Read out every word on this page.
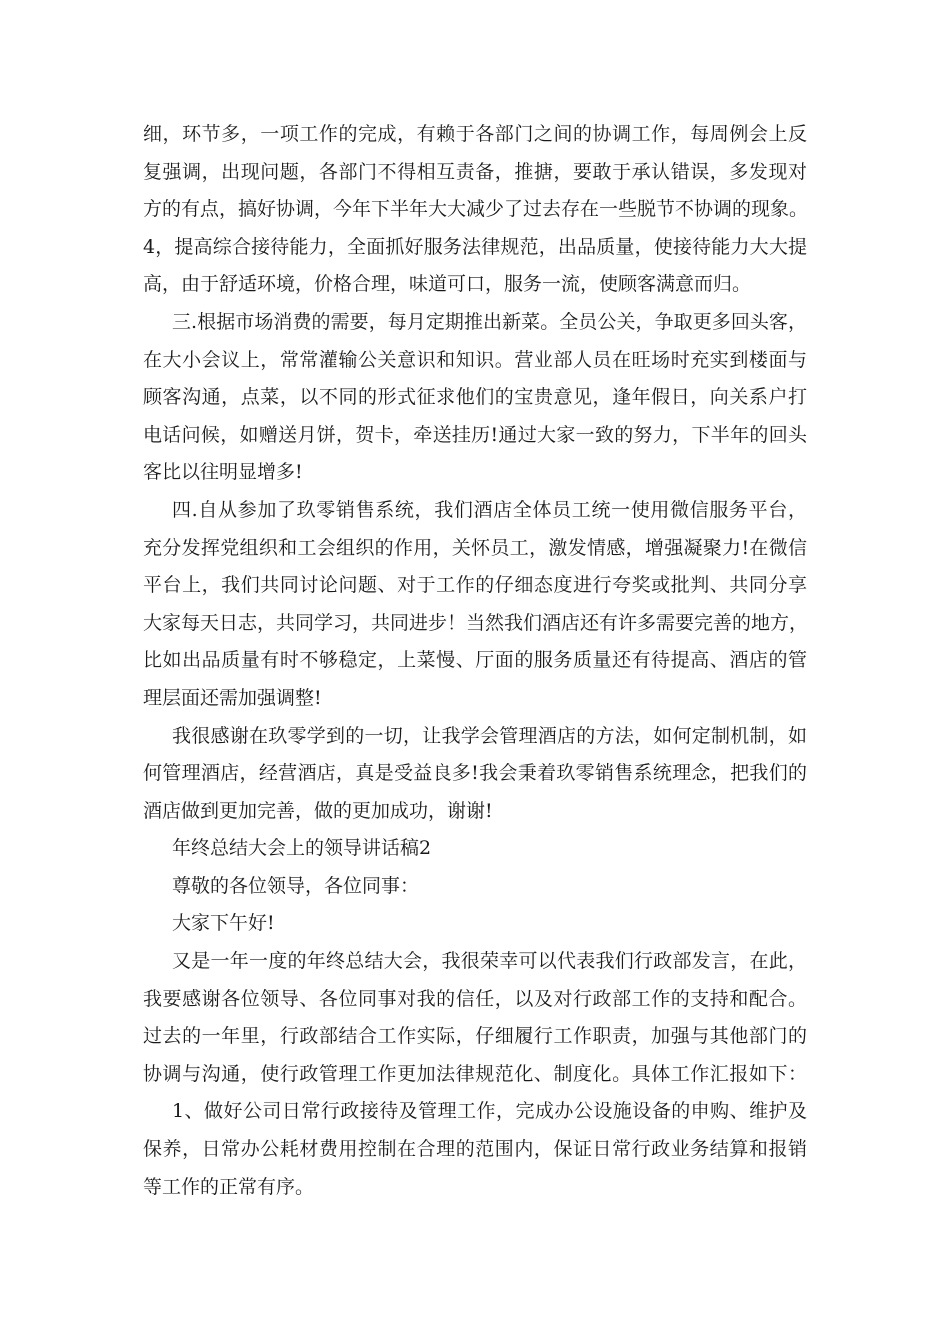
细，环节多，一项工作的完成，有赖于各部门之间的协调工作，每周例会上反
复强调，出现问题，各部门不得相互责备，推搪，要敢于承认错误，多发现对
方的有点，搞好协调，今年下半年大大减少了过去存在一些脱节不协调的现象。
4，提高综合接待能力，全面抓好服务法律规范，出品质量，使接待能力大大提
高，由于舒适环境，价格合理，味道可口，服务一流，使顾客满意而归。
三.根据市场消费的需要，每月定期推出新菜。全员公关，争取更多回头客，
在大小会议上，常常灌输公关意识和知识。营业部人员在旺场时充实到楼面与
顾客沟通，点菜，以不同的形式征求他们的宝贵意见，逢年假日，向关系户打
电话问候，如赠送月饼，贺卡，牵送挂历!通过大家一致的努力，下半年的回头
客比以往明显增多!
四.自从参加了玖零销售系统，我们酒店全体员工统一使用微信服务平台，
充分发挥党组织和工会组织的作用，关怀员工，激发情感，增强凝聚力!在微信
平台上，我们共同讨论问题、对于工作的仔细态度进行夸奖或批判、共同分享
大家每天日志，共同学习，共同进步！当然我们酒店还有许多需要完善的地方，
比如出品质量有时不够稳定，上菜慢、厅面的服务质量还有待提高、酒店的管
理层面还需加强调整!
我很感谢在玖零学到的一切，让我学会管理酒店的方法，如何定制机制，如
何管理酒店，经营酒店，真是受益良多!我会秉着玖零销售系统理念，把我们的
酒店做到更加完善，做的更加成功，谢谢!
年终总结大会上的领导讲话稿2
尊敬的各位领导，各位同事：
大家下午好!
又是一年一度的年终总结大会，我很荣幸可以代表我们行政部发言，在此，
我要感谢各位领导、各位同事对我的信任，以及对行政部工作的支持和配合。
过去的一年里，行政部结合工作实际，仔细履行工作职责，加强与其他部门的
协调与沟通，使行政管理工作更加法律规范化、制度化。具体工作汇报如下：
1、做好公司日常行政接待及管理工作，完成办公设施设备的申购、维护及
保养，日常办公耗材费用控制在合理的范围内，保证日常行政业务结算和报销
等工作的正常有序。
